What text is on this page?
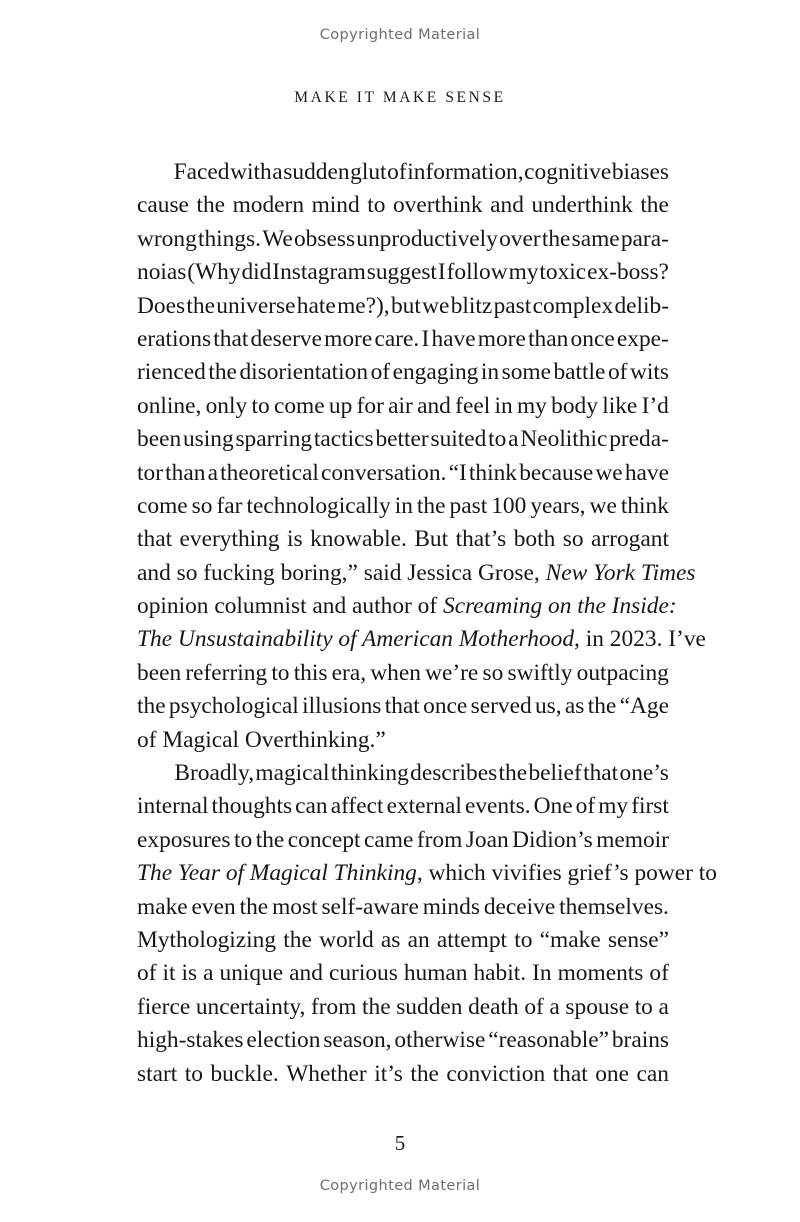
Copyrighted Material
MAKE IT MAKE SENSE

Faced with a sudden glut of information, cognitive biases
cause the modern mind to overthink and underthink the
wrong things. We obsess unproductively over the same para-
noias (Why did Instagram suggest I follow my toxic ex-boss?
Does the universe hate me?), but we blitz past complex delib-
erations that deserve more care. I have more than once expe-
rienced the disorientation of engaging in some battle of wits
online, only to come up for air and feel in my body like I’d
been using sparring tactics better suited to a Neolithic preda-
tor than a theoretical conversation. “I think because we have
come so far technologically in the past 100 years, we think
that everything is knowable. But that’s both so arrogant
and so fucking boring,” said Jessica Grose, New York Times
opinion columnist and author of Screaming on the Inside:
The Unsustainability of American Motherhood, in 2023. I’ve
been referring to this era, when we’re so swiftly outpacing
the psychological illusions that once served us, as the “Age
of Magical Overthinking.”

Broadly, magical thinking describes the belief that one’s
internal thoughts can affect external events. One of my first
exposures to the concept came from Joan Didion’s memoir
The Year of Magical Thinking, which vivifies grief’s power to
make even the most self-aware minds deceive themselves.
Mythologizing the world as an attempt to “make sense”
of it is a unique and curious human habit. In moments of
fierce uncertainty, from the sudden death of a spouse to a
high-stakes election season, otherwise “reasonable” brains
start to buckle. Whether it’s the conviction that one can

5
Copyrighted Material
